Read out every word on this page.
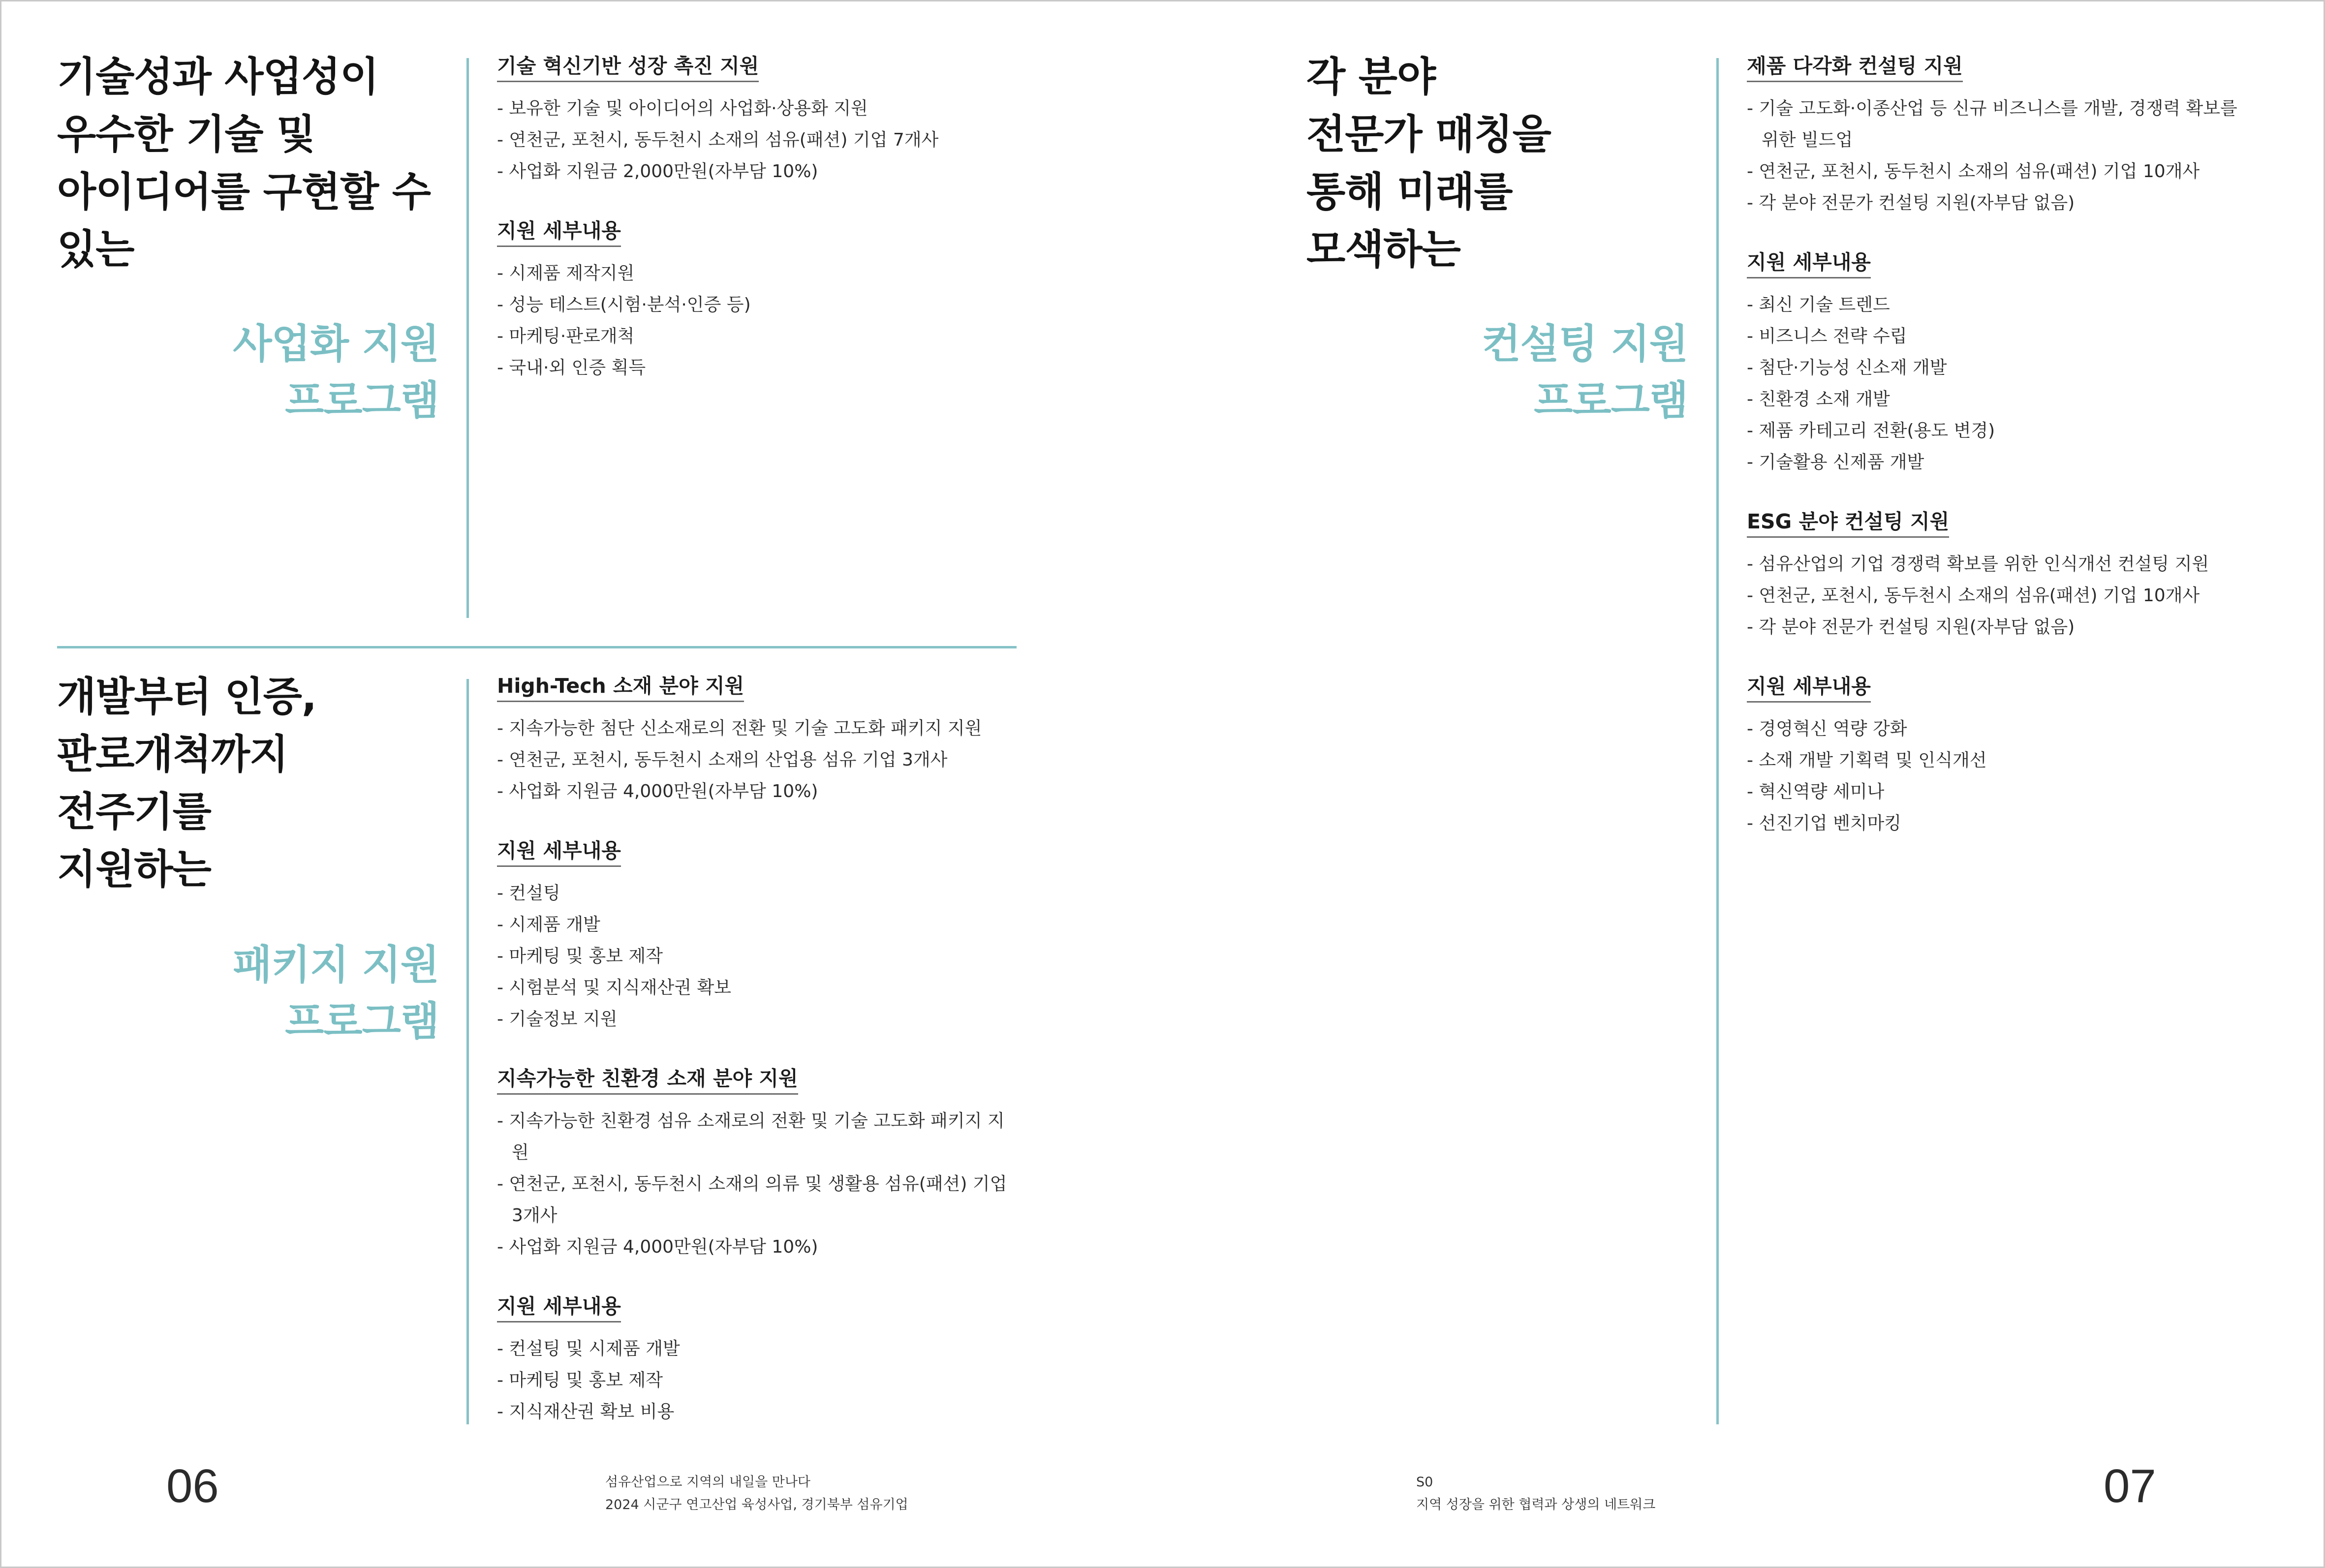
기술성과 사업성이
우수한 기술 및
아이디어를 구현할 수
있는
사업화 지원
프로그램
기술 혁신기반 성장 촉진 지원
- 보유한 기술 및 아이디어의 사업화·상용화 지원
- 연천군, 포천시, 동두천시 소재의 섬유(패션) 기업 7개사
- 사업화 지원금 2,000만원(자부담 10%)
지원 세부내용
- 시제품 제작지원
- 성능 테스트(시험·분석·인증 등)
- 마케팅·판로개척
- 국내·외 인증 획득
개발부터 인증,
판로개척까지
전주기를
지원하는
패키지 지원
프로그램
High-Tech 소재 분야 지원
- 지속가능한 첨단 신소재로의 전환 및 기술 고도화 패키지 지원
- 연천군, 포천시, 동두천시 소재의 산업용 섬유 기업 3개사
- 사업화 지원금 4,000만원(자부담 10%)
지원 세부내용
- 컨설팅
- 시제품 개발
- 마케팅 및 홍보 제작
- 시험분석 및 지식재산권 확보
- 기술정보 지원
지속가능한 친환경 소재 분야 지원
- 지속가능한 친환경 섬유 소재로의 전환 및 기술 고도화 패키지 지원
- 연천군, 포천시, 동두천시 소재의 의류 및 생활용 섬유(패션) 기업 3개사
- 사업화 지원금 4,000만원(자부담 10%)
지원 세부내용
- 컨설팅 및 시제품 개발
- 마케팅 및 홍보 제작
- 지식재산권 확보 비용
06	섬유산업으로 지역의 내일을 만나다
2024 시군구 연고산업 육성사업, 경기북부 섬유기업
각 분야
전문가 매칭을
통해 미래를
모색하는
컨설팅 지원
프로그램
제품 다각화 컨설팅 지원
- 기술 고도화·이종산업 등 신규 비즈니스를 개발, 경쟁력 확보를 위한 빌드업
- 연천군, 포천시, 동두천시 소재의 섬유(패션) 기업 10개사
- 각 분야 전문가 컨설팅 지원(자부담 없음)
지원 세부내용
- 최신 기술 트렌드
- 비즈니스 전략 수립
- 첨단·기능성 신소재 개발
- 친환경 소재 개발
- 제품 카테고리 전환(용도 변경)
- 기술활용 신제품 개발
ESG 분야 컨설팅 지원
- 섬유산업의 기업 경쟁력 확보를 위한 인식개선 컨설팅 지원
- 연천군, 포천시, 동두천시 소재의 섬유(패션) 기업 10개사
- 각 분야 전문가 컨설팅 지원(자부담 없음)
지원 세부내용
- 경영혁신 역량 강화
- 소재 개발 기획력 및 인식개선
- 혁신역량 세미나
- 선진기업 벤치마킹
S0
지역 성장을 위한 협력과 상생의 네트워크	07
